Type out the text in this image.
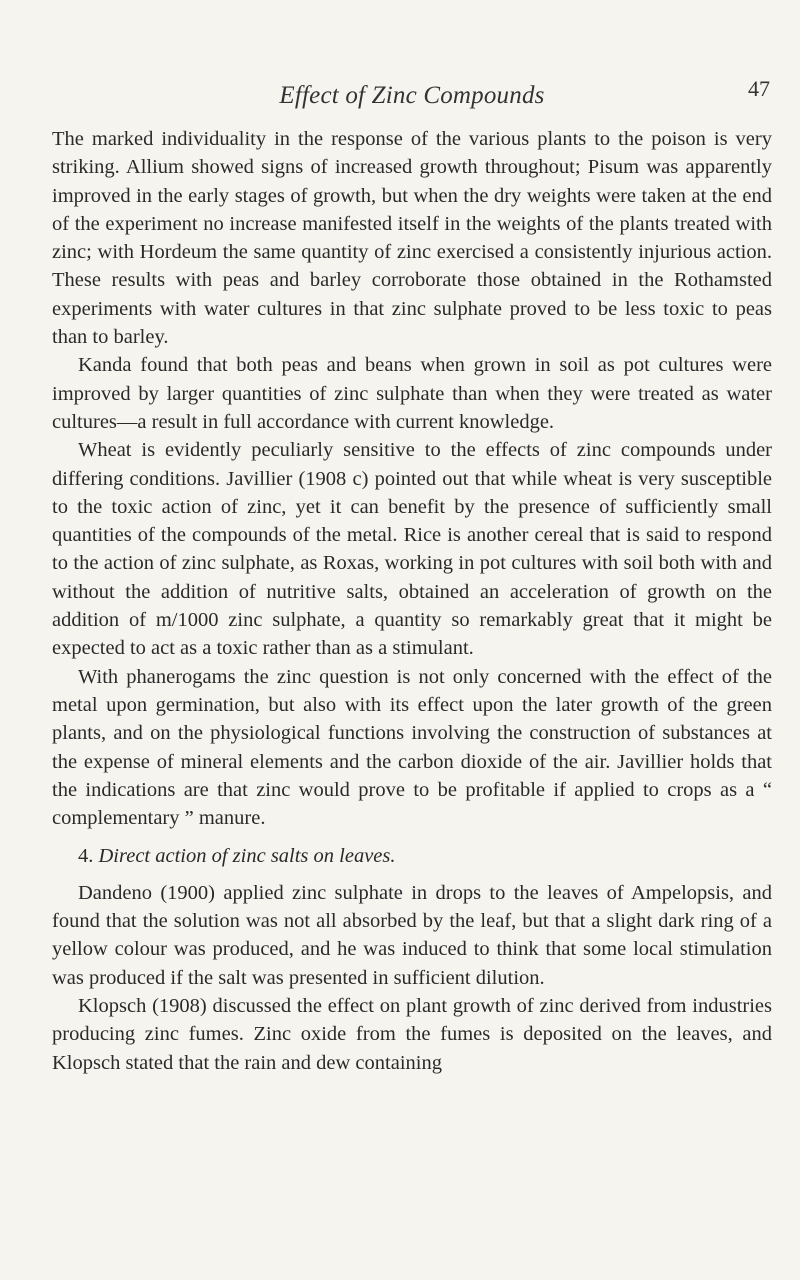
Effect of Zinc Compounds	47

The marked individuality in the response of the various plants to the poison is very striking. Allium showed signs of increased growth throughout; Pisum was apparently improved in the early stages of growth, but when the dry weights were taken at the end of the experiment no increase manifested itself in the weights of the plants treated with zinc; with Hordeum the same quantity of zinc exercised a consistently injurious action. These results with peas and barley corroborate those obtained in the Rothamsted experiments with water cultures in that zinc sulphate proved to be less toxic to peas than to barley.

Kanda found that both peas and beans when grown in soil as pot cultures were improved by larger quantities of zinc sulphate than when they were treated as water cultures—a result in full accordance with current knowledge.

Wheat is evidently peculiarly sensitive to the effects of zinc compounds under differing conditions. Javillier (1908 c) pointed out that while wheat is very susceptible to the toxic action of zinc, yet it can benefit by the presence of sufficiently small quantities of the compounds of the metal. Rice is another cereal that is said to respond to the action of zinc sulphate, as Roxas, working in pot cultures with soil both with and without the addition of nutritive salts, obtained an acceleration of growth on the addition of m/1000 zinc sulphate, a quantity so remarkably great that it might be expected to act as a toxic rather than as a stimulant.

With phanerogams the zinc question is not only concerned with the effect of the metal upon germination, but also with its effect upon the later growth of the green plants, and on the physiological functions involving the construction of substances at the expense of mineral elements and the carbon dioxide of the air. Javillier holds that the indications are that zinc would prove to be profitable if applied to crops as a “ complementary ” manure.

4. Direct action of zinc salts on leaves.

Dandeno (1900) applied zinc sulphate in drops to the leaves of Ampelopsis, and found that the solution was not all absorbed by the leaf, but that a slight dark ring of a yellow colour was produced, and he was induced to think that some local stimulation was produced if the salt was presented in sufficient dilution.

Klopsch (1908) discussed the effect on plant growth of zinc derived from industries producing zinc fumes. Zinc oxide from the fumes is deposited on the leaves, and Klopsch stated that the rain and dew containing
